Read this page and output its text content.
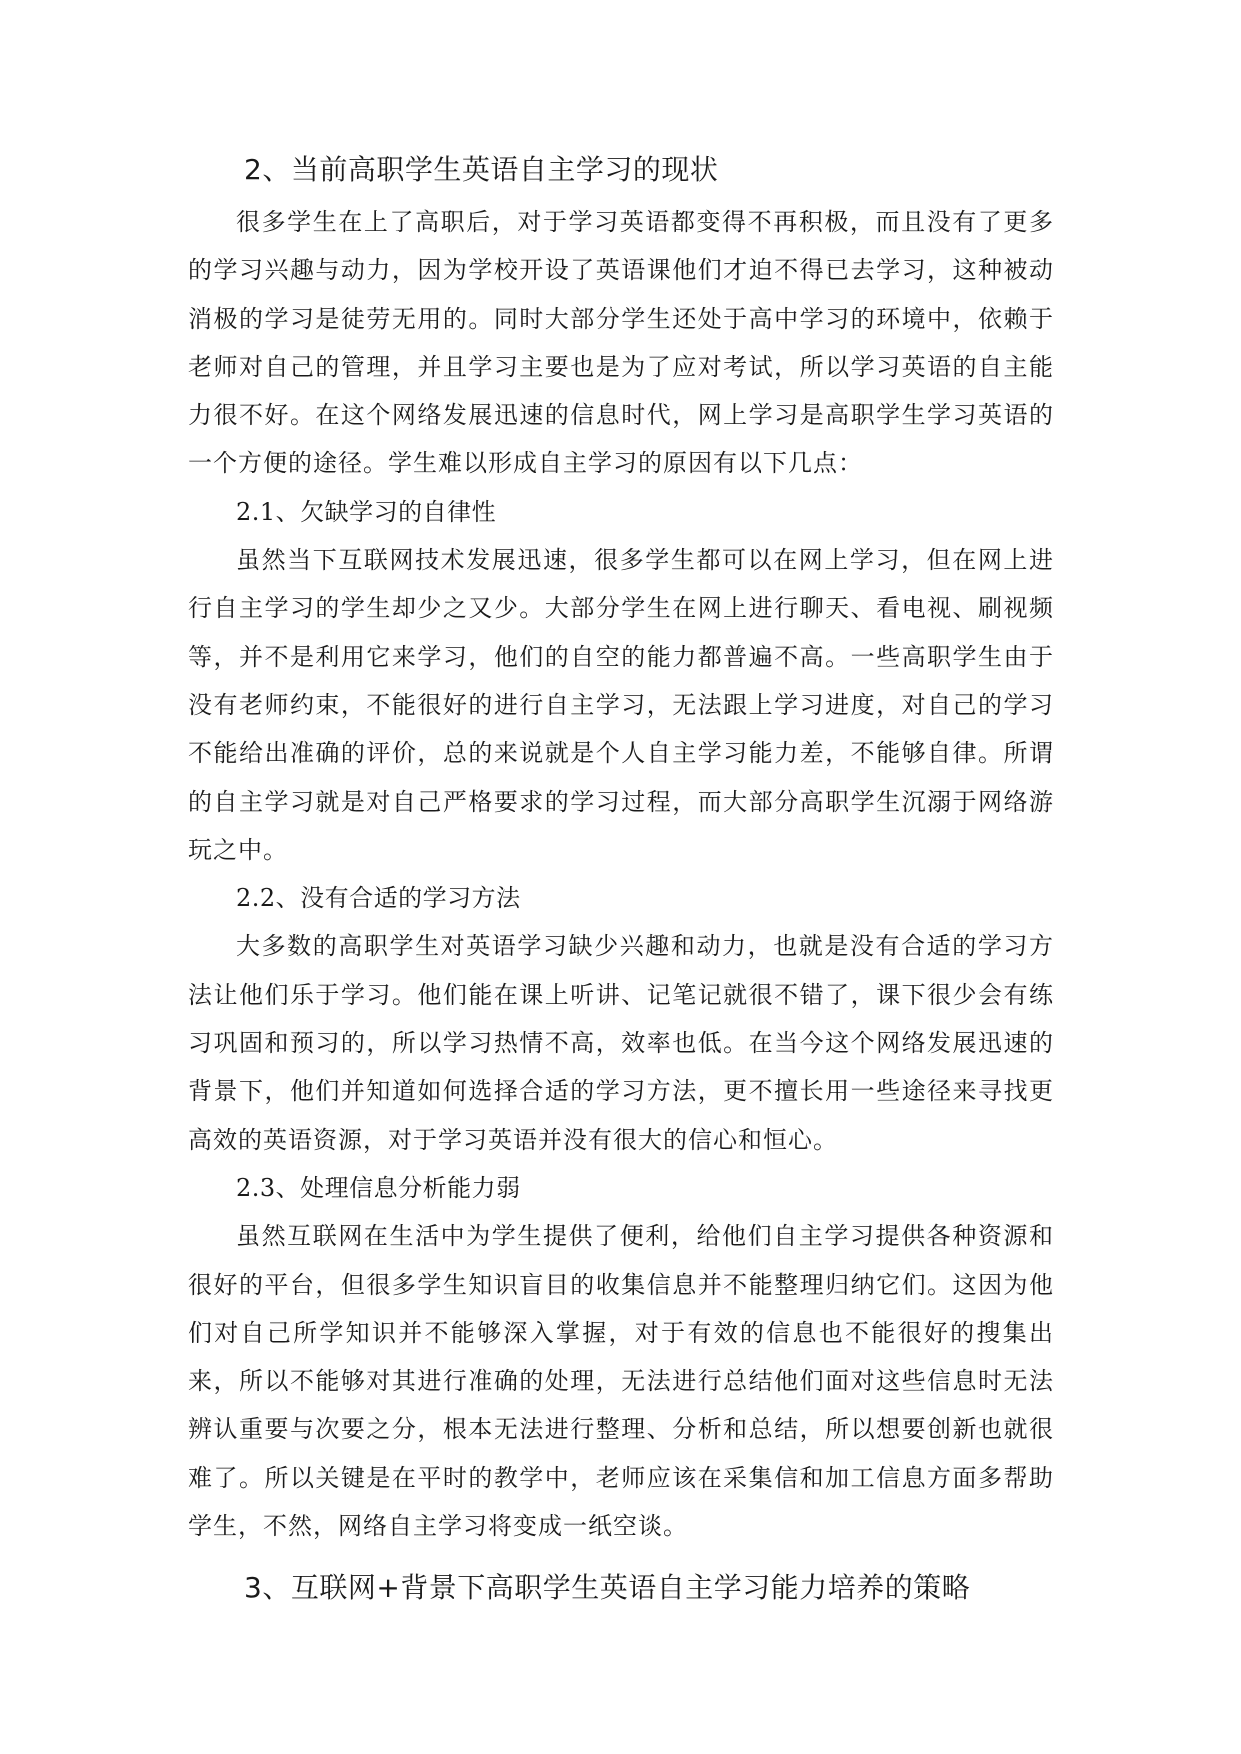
2、当前高职学生英语自主学习的现状

很多学生在上了高职后，对于学习英语都变得不再积极，而且没有了更多的学习兴趣与动力，因为学校开设了英语课他们才迫不得已去学习，这种被动消极的学习是徒劳无用的。同时大部分学生还处于高中学习的环境中，依赖于老师对自己的管理，并且学习主要也是为了应对考试，所以学习英语的自主能力很不好。在这个网络发展迅速的信息时代，网上学习是高职学生学习英语的一个方便的途径。学生难以形成自主学习的原因有以下几点：

2.1、欠缺学习的自律性

虽然当下互联网技术发展迅速，很多学生都可以在网上学习，但在网上进行自主学习的学生却少之又少。大部分学生在网上进行聊天、看电视、刷视频等，并不是利用它来学习，他们的自空的能力都普遍不高。一些高职学生由于没有老师约束，不能很好的进行自主学习，无法跟上学习进度，对自己的学习不能给出准确的评价，总的来说就是个人自主学习能力差，不能够自律。所谓的自主学习就是对自己严格要求的学习过程，而大部分高职学生沉溺于网络游玩之中。

2.2、没有合适的学习方法

大多数的高职学生对英语学习缺少兴趣和动力，也就是没有合适的学习方法让他们乐于学习。他们能在课上听讲、记笔记就很不错了，课下很少会有练习巩固和预习的，所以学习热情不高，效率也低。在当今这个网络发展迅速的背景下，他们并知道如何选择合适的学习方法，更不擅长用一些途径来寻找更高效的英语资源，对于学习英语并没有很大的信心和恒心。

2.3、处理信息分析能力弱

虽然互联网在生活中为学生提供了便利，给他们自主学习提供各种资源和很好的平台，但很多学生知识盲目的收集信息并不能整理归纳它们。这因为他们对自己所学知识并不能够深入掌握，对于有效的信息也不能很好的搜集出来，所以不能够对其进行准确的处理，无法进行总结他们面对这些信息时无法辨认重要与次要之分，根本无法进行整理、分析和总结，所以想要创新也就很难了。所以关键是在平时的教学中，老师应该在采集信和加工信息方面多帮助学生，不然，网络自主学习将变成一纸空谈。

3、互联网+背景下高职学生英语自主学习能力培养的策略
